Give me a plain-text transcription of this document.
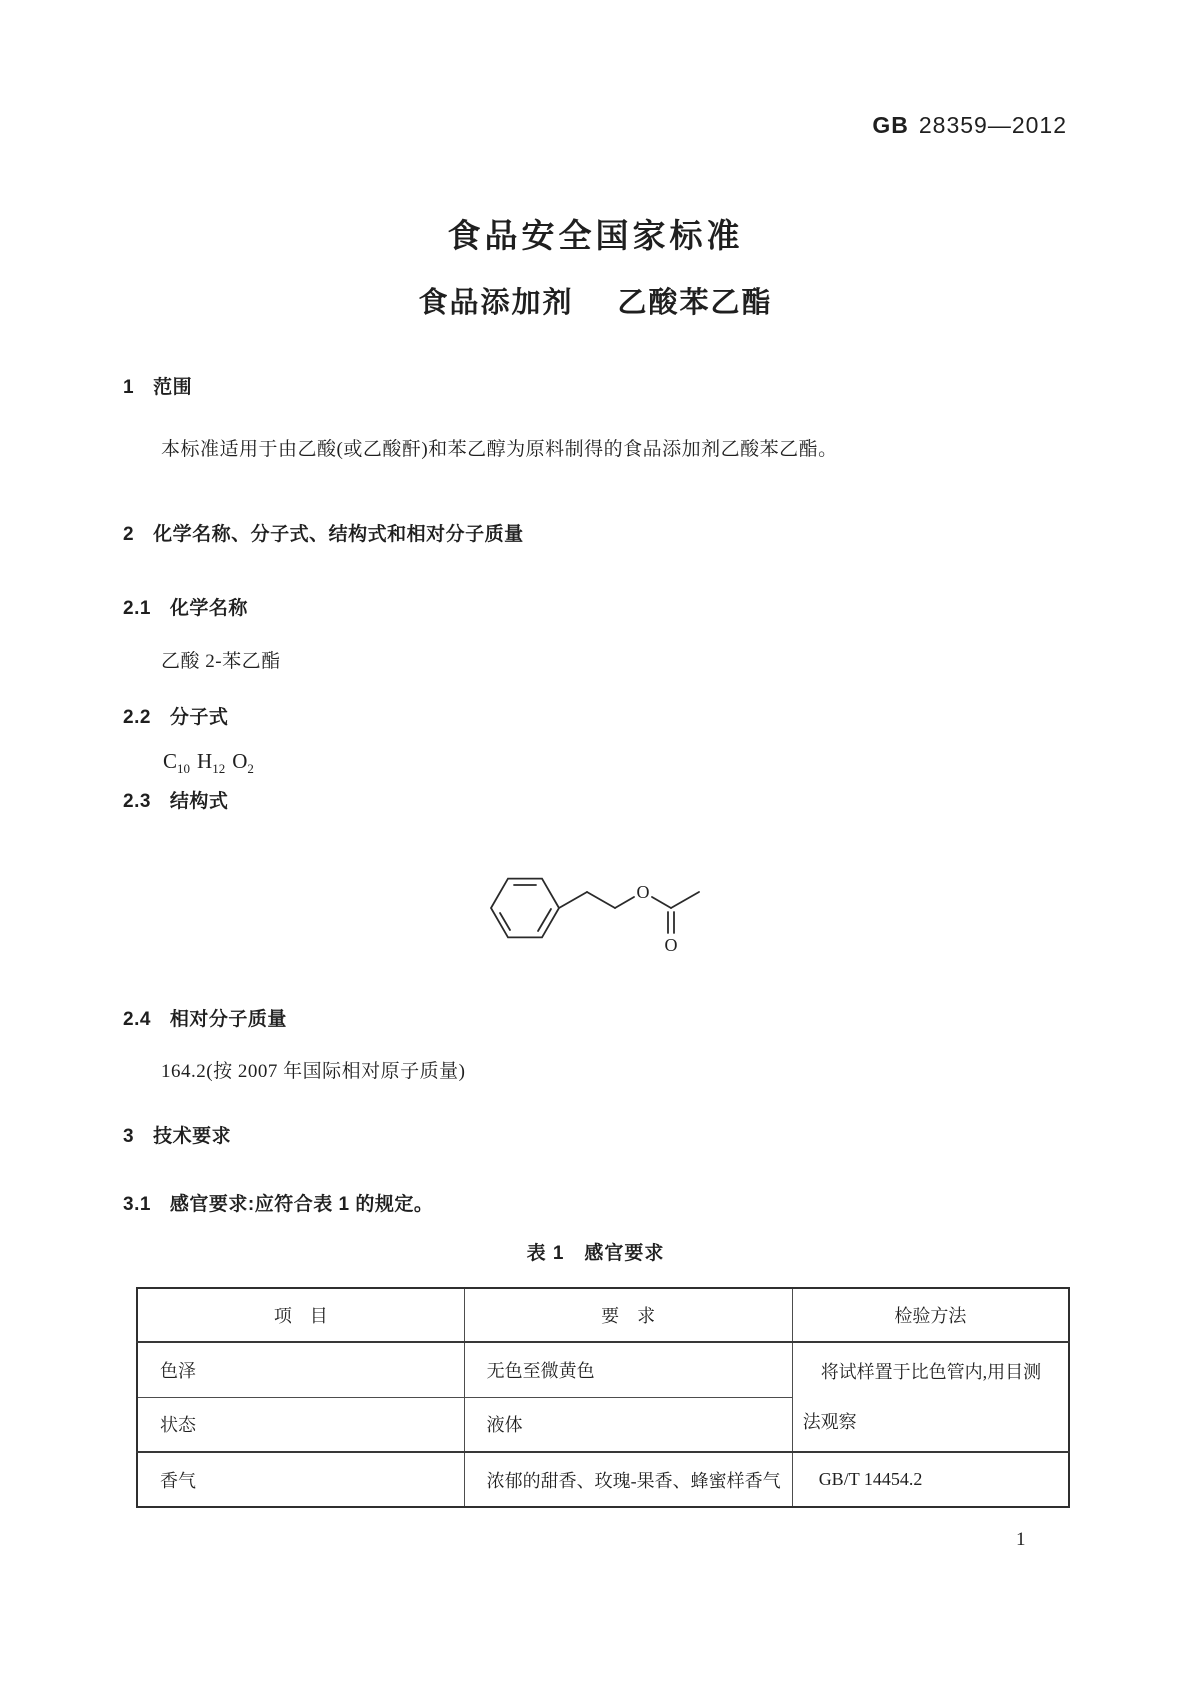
GB 28359—2012
食品安全国家标准
食品添加剂 乙酸苯乙酯
1 范围
本标准适用于由乙酸(或乙酸酐)和苯乙醇为原料制得的食品添加剂乙酸苯乙酯。
2 化学名称、分子式、结构式和相对分子质量
2.1 化学名称
乙酸 2-苯乙酯
2.2 分子式
$C_{10}$ $H_{12}$ $O_2$
2.3 结构式
O
O
2.4 相对分子质量
164.2(按 2007 年国际相对原子质量)
3 技术要求
3.1 感官要求:应符合表 1 的规定。
表 1　感官要求
项　目	要　求	检验方法
色泽	无色至微黄色	将试样置于比色管内,用目测法观察

状态	液体	
香气	浓郁的甜香、玫瑰-果香、蜂蜜样香气	GB/T 14454.2
1
